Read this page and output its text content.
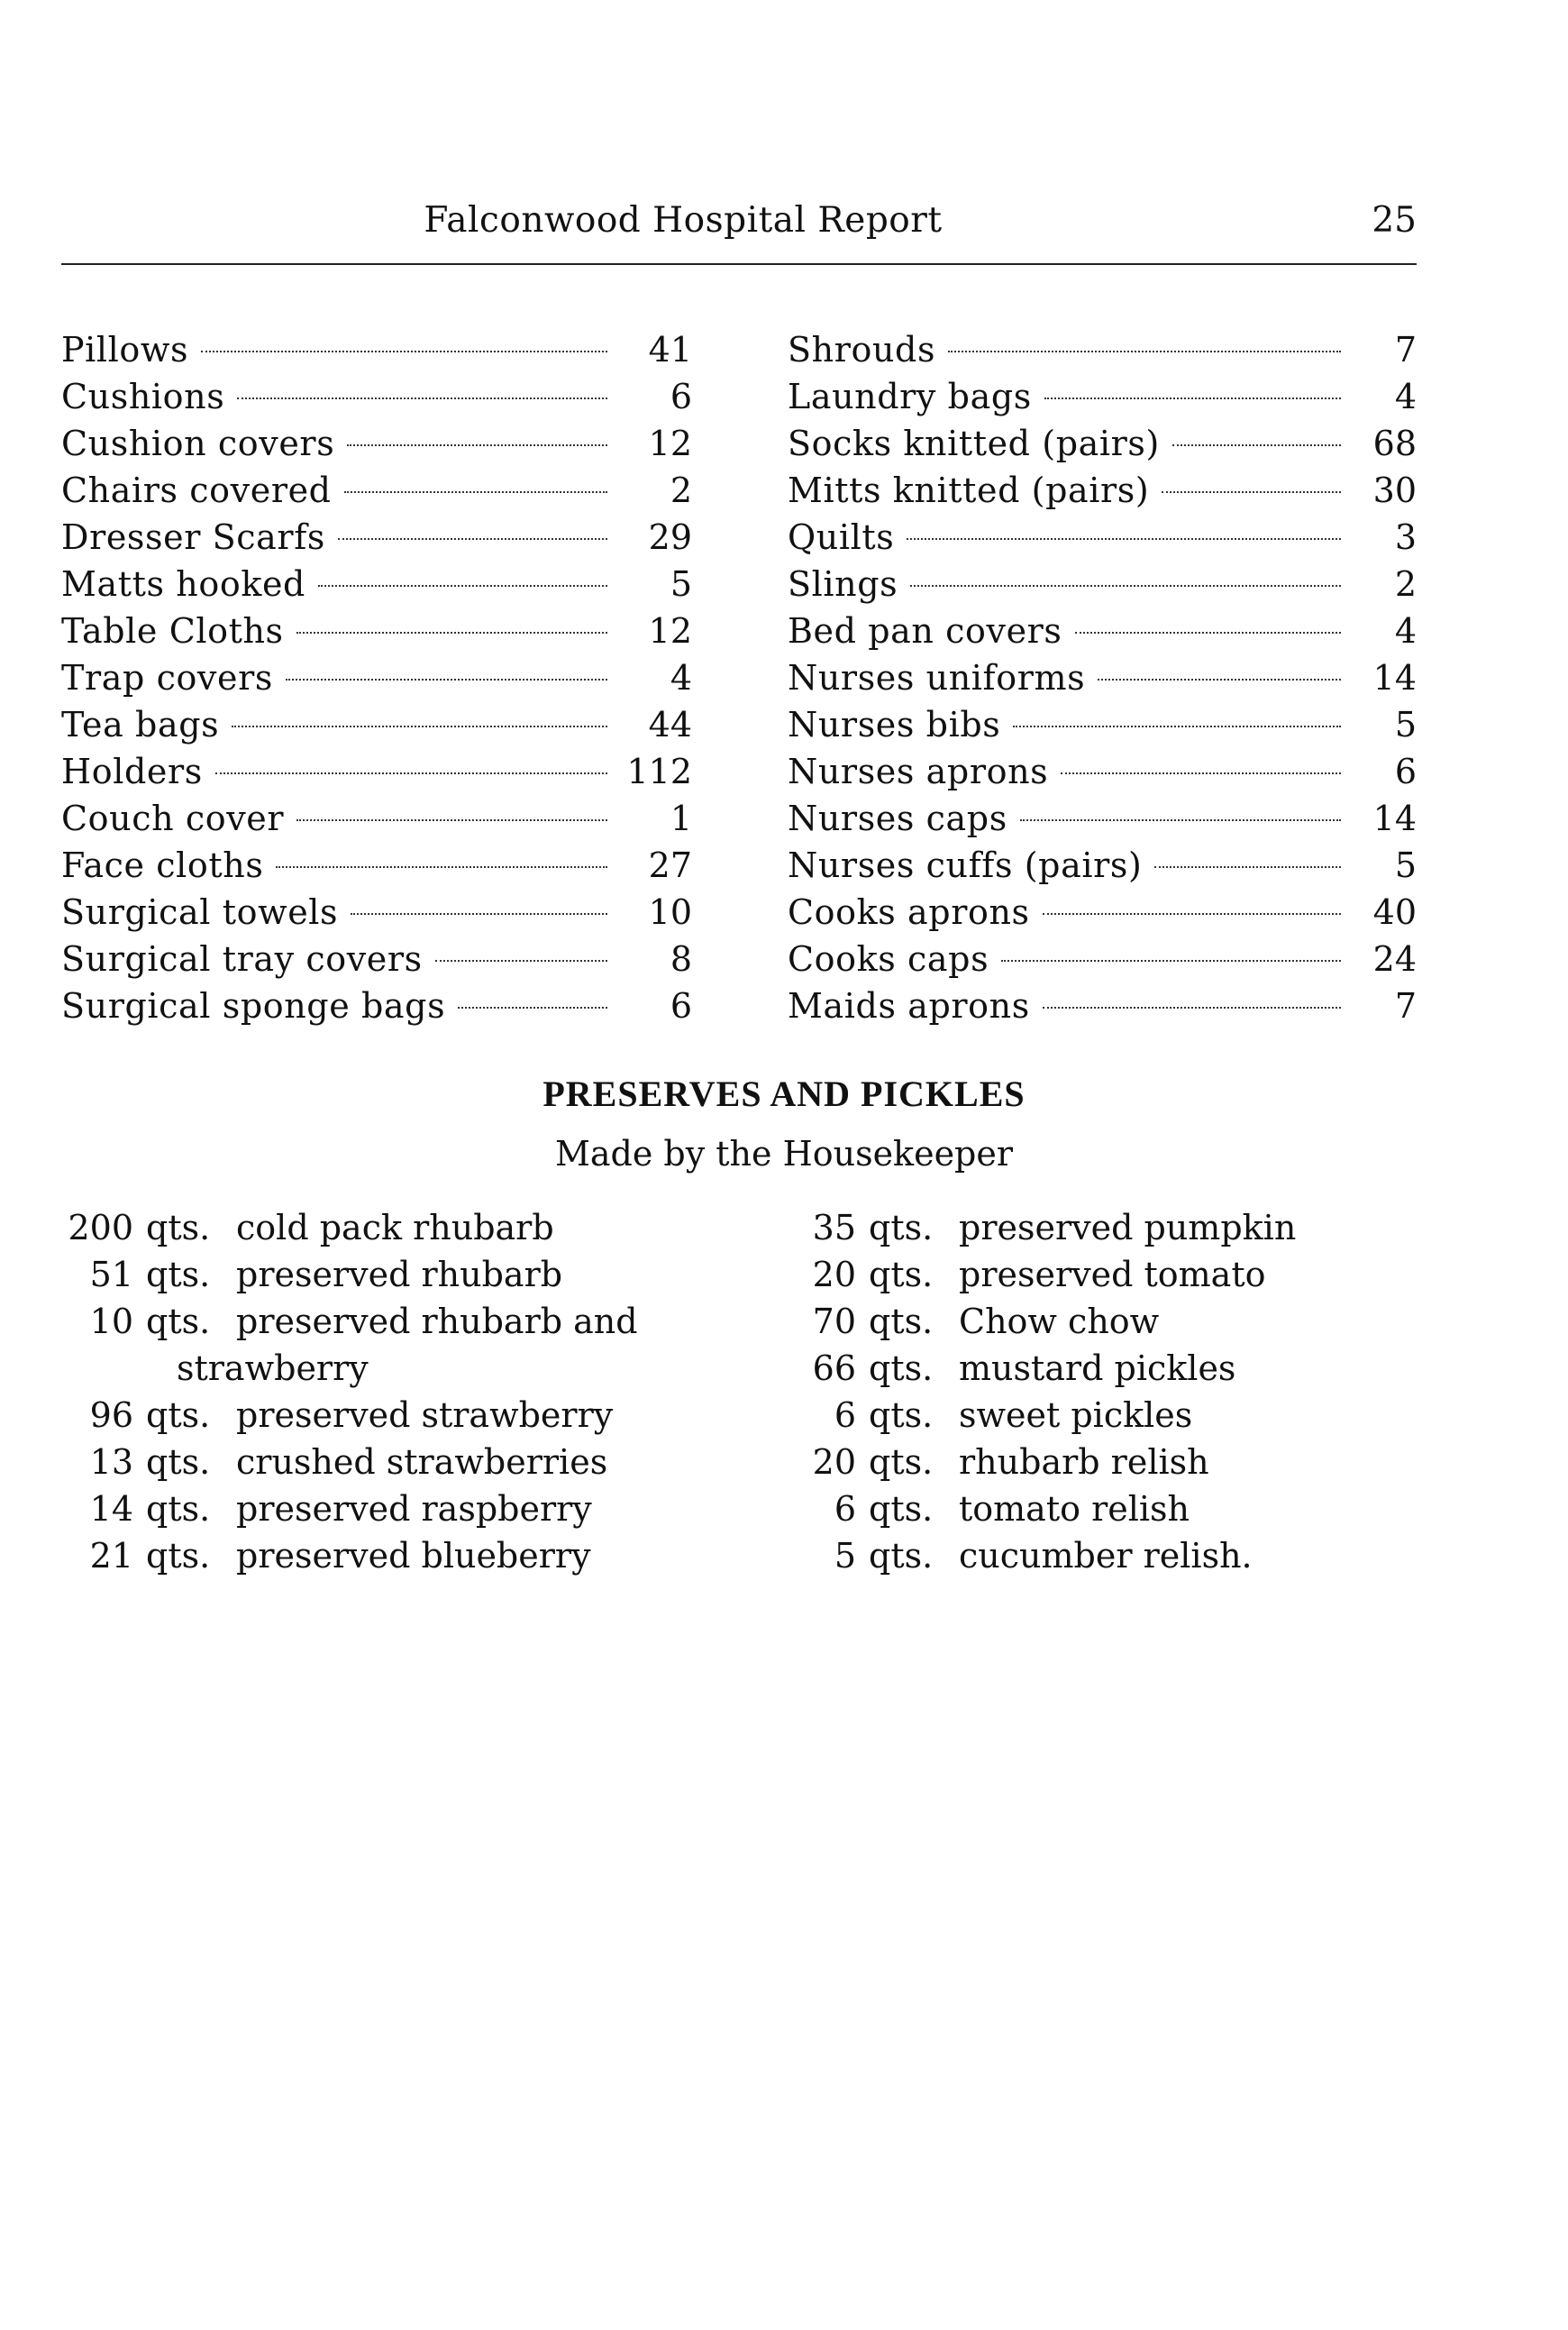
Falconwood Hospital Report	25
Pillows	41
Cushions	6
Cushion covers	12
Chairs covered	2
Dresser Scarfs	29
Matts hooked	5
Table Cloths	12
Trap covers	4
Tea bags	44
Holders	112
Couch cover	1
Face cloths	27
Surgical towels	10
Surgical tray covers	8
Surgical sponge bags	6
Shrouds	7
Laundry bags	4
Socks knitted (pairs)	68
Mitts knitted (pairs)	30
Quilts	3
Slings	2
Bed pan covers	4
Nurses uniforms	14
Nurses bibs	5
Nurses aprons	6
Nurses caps	14
Nurses cuffs (pairs)	5
Cooks aprons	40
Cooks caps	24
Maids aprons	7
PRESERVES AND PICKLES
Made by the Housekeeper
200 qts. cold pack rhubarb
51 qts. preserved rhubarb
10 qts. preserved rhubarb and
strawberry
96 qts. preserved strawberry
13 qts. crushed strawberries
14 qts. preserved raspberry
21 qts. preserved blueberry
35 qts. preserved pumpkin
20 qts. preserved tomato
70 qts. Chow chow
66 qts. mustard pickles
6 qts. sweet pickles
20 qts. rhubarb relish
6 qts. tomato relish
5 qts. cucumber relish.
